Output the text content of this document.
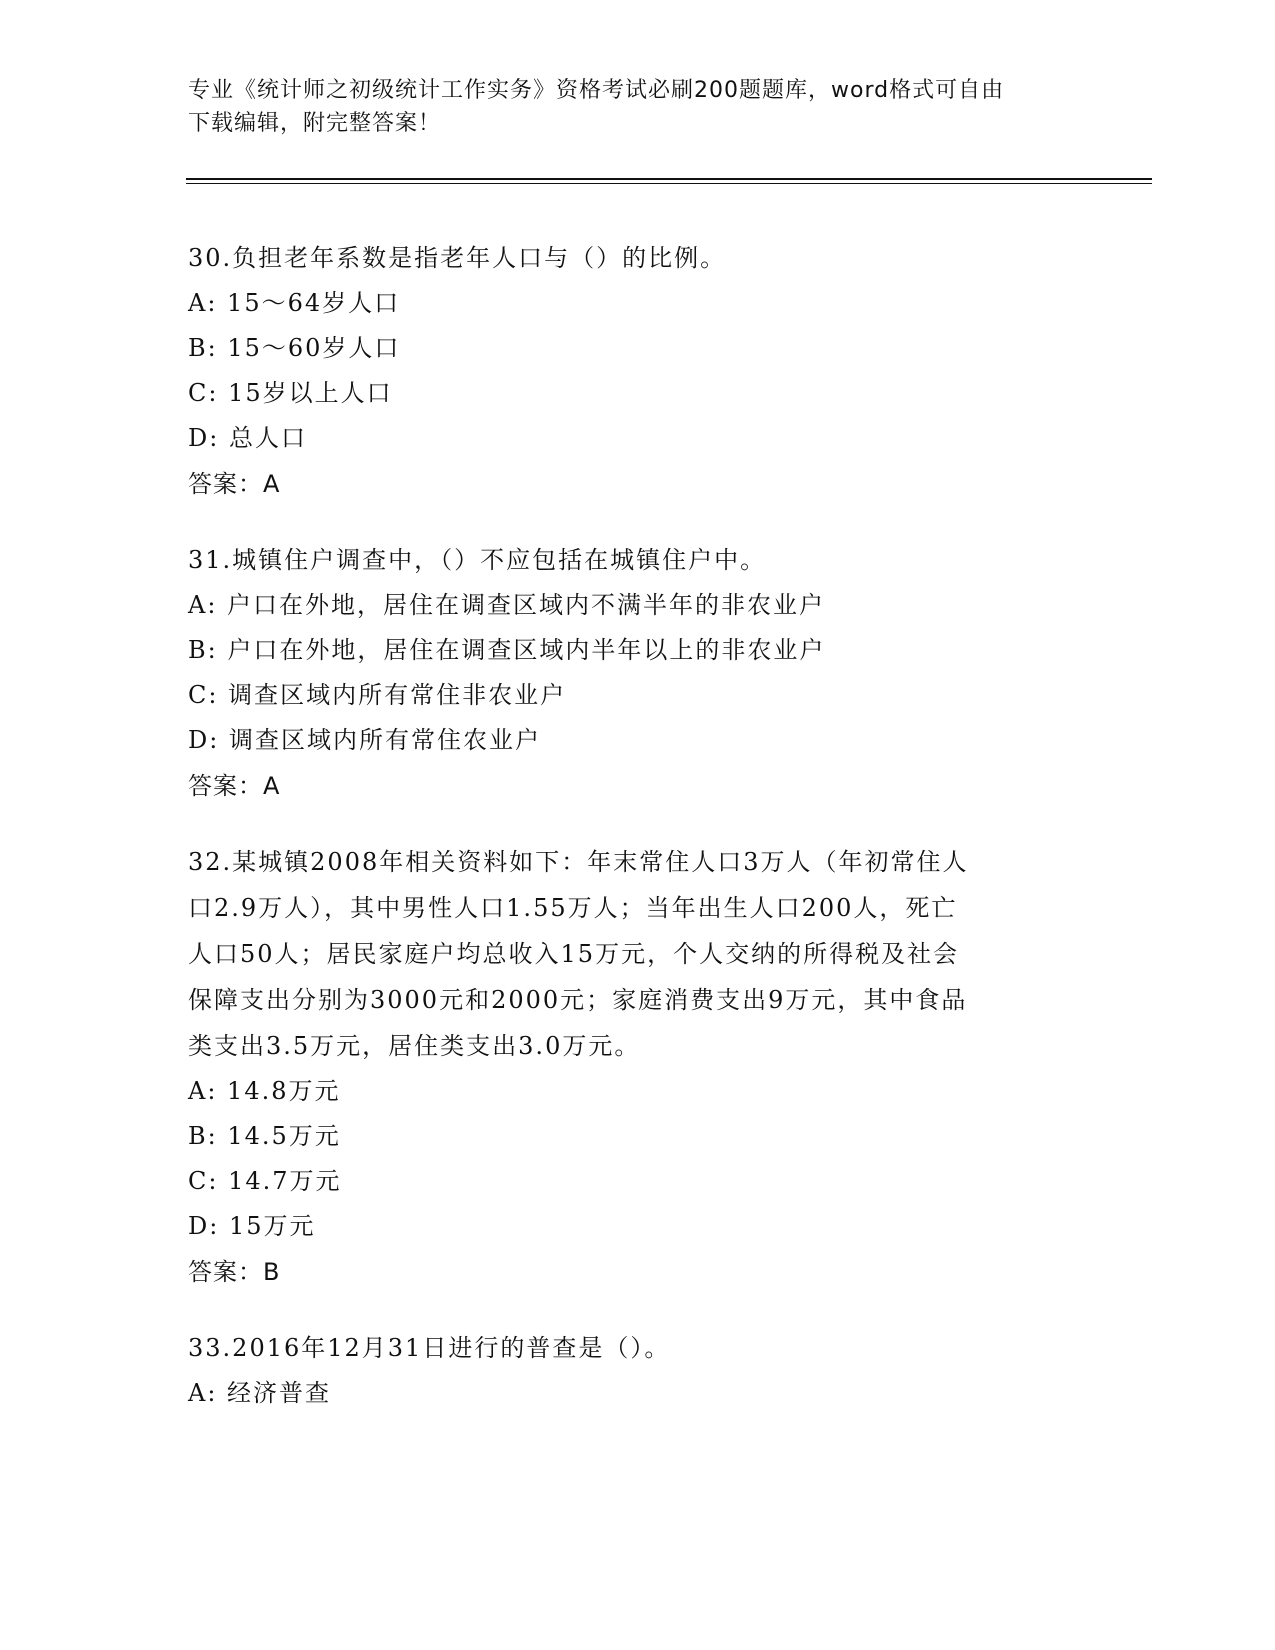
专业《统计师之初级统计工作实务》资格考试必刷200题题库，word格式可自由
下载编辑，附完整答案！
30.负担老年系数是指老年人口与（）的比例。
A: 15～64岁人口
B: 15～60岁人口
C: 15岁以上人口
D: 总人口
答案：A
31.城镇住户调查中，（）不应包括在城镇住户中。
A: 户口在外地，居住在调查区域内不满半年的非农业户
B: 户口在外地，居住在调查区域内半年以上的非农业户
C: 调查区域内所有常住非农业户
D: 调查区域内所有常住农业户
答案：A
32.某城镇2008年相关资料如下：年末常住人口3万人（年初常住人
口2.9万人），其中男性人口1.55万人；当年出生人口200人，死亡
人口50人；居民家庭户均总收入15万元，个人交纳的所得税及社会
保障支出分别为3000元和2000元；家庭消费支出9万元，其中食品
类支出3.5万元，居住类支出3.0万元。
A: 14.8万元
B: 14.5万元
C: 14.7万元
D: 15万元
答案：B
33.2016年12月31日进行的普查是（）。
A: 经济普查
